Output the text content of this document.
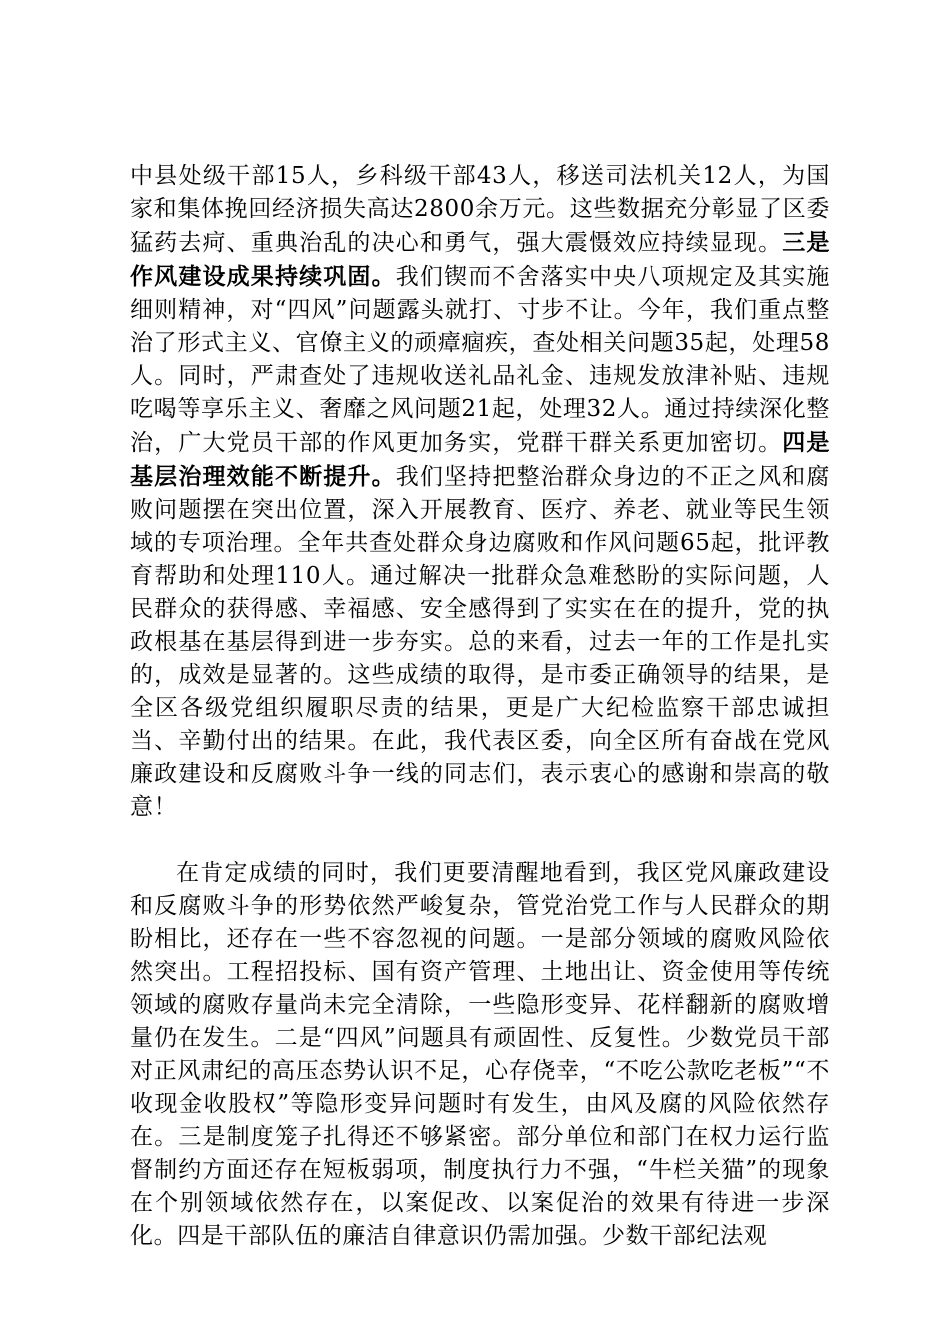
中县处级干部15人，乡科级干部43人，移送司法机关12人，为国家和集体挽回经济损失高达2800余万元。这些数据充分彰显了区委猛药去疴、重典治乱的决心和勇气，强大震慑效应持续显现。三是作风建设成果持续巩固。我们锲而不舍落实中央八项规定及其实施细则精神，对“四风”问题露头就打、寸步不让。今年，我们重点整治了形式主义、官僚主义的顽瘴痼疾，查处相关问题35起，处理58人。同时，严肃查处了违规收送礼品礼金、违规发放津补贴、违规吃喝等享乐主义、奢靡之风问题21起，处理32人。通过持续深化整治，广大党员干部的作风更加务实，党群干群关系更加密切。四是基层治理效能不断提升。我们坚持把整治群众身边的不正之风和腐败问题摆在突出位置，深入开展教育、医疗、养老、就业等民生领域的专项治理。全年共查处群众身边腐败和作风问题65起，批评教育帮助和处理110人。通过解决一批群众急难愁盼的实际问题，人民群众的获得感、幸福感、安全感得到了实实在在的提升，党的执政根基在基层得到进一步夯实。总的来看，过去一年的工作是扎实的，成效是显著的。这些成绩的取得，是市委正确领导的结果，是全区各级党组织履职尽责的结果，更是广大纪检监察干部忠诚担当、辛勤付出的结果。在此，我代表区委，向全区所有奋战在党风廉政建设和反腐败斗争一线的同志们，表示衷心的感谢和崇高的敬意！

在肯定成绩的同时，我们更要清醒地看到，我区党风廉政建设和反腐败斗争的形势依然严峻复杂，管党治党工作与人民群众的期盼相比，还存在一些不容忽视的问题。一是部分领域的腐败风险依然突出。工程招投标、国有资产管理、土地出让、资金使用等传统领域的腐败存量尚未完全清除，一些隐形变异、花样翻新的腐败增量仍在发生。二是“四风”问题具有顽固性、反复性。少数党员干部对正风肃纪的高压态势认识不足，心存侥幸，“不吃公款吃老板”“不收现金收股权”等隐形变异问题时有发生，由风及腐的风险依然存在。三是制度笼子扎得还不够紧密。部分单位和部门在权力运行监督制约方面还存在短板弱项，制度执行力不强，“牛栏关猫”的现象在个别领域依然存在，以案促改、以案促治的效果有待进一步深化。四是干部队伍的廉洁自律意识仍需加强。少数干部纪法观
